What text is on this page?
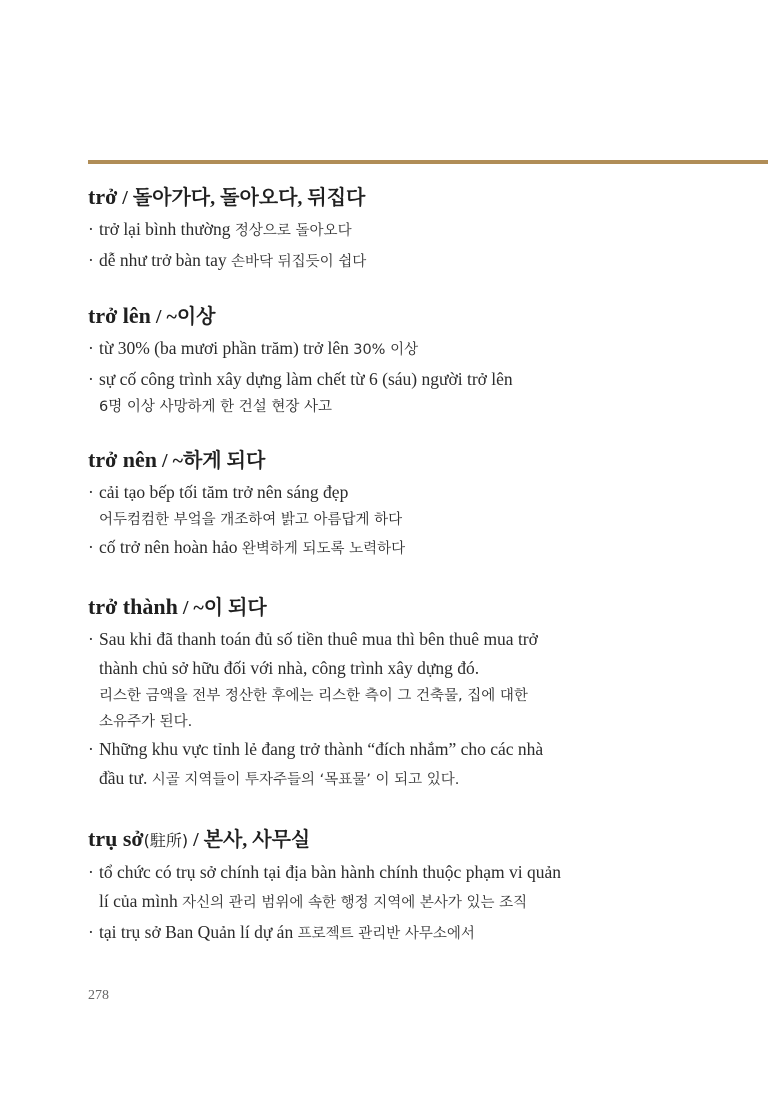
trở / 돌아가다, 돌아오다, 뒤집다
· trở lại bình thường 정상으로 돌아오다
· dễ như trở bàn tay 손바닥 뒤집듯이 쉽다
trở lên / ~이상
· từ 30% (ba mươi phần trăm) trở lên 30% 이상
· sự cố công trình xây dựng làm chết từ 6 (sáu) người trở lên
6명 이상 사망하게 한 건설 현장 사고
trở nên / ~하게 되다
· cải tạo bếp tối tăm trở nên sáng đẹp
어두컴컴한 부엌을 개조하여 밝고 아름답게 하다
· cố trở nên hoàn hảo 완벽하게 되도록 노력하다
trở thành / ~이 되다
· Sau khi đã thanh toán đủ số tiền thuê mua thì bên thuê mua trở
thành chủ sở hữu đối với nhà, công trình xây dựng đó.
리스한 금액을 전부 정산한 후에는 리스한 측이 그 건축물, 집에 대한
소유주가 된다.
· Những khu vực tỉnh lẻ đang trở thành “đích nhắm” cho các nhà
đầu tư. 시골 지역들이 투자주들의 ‘목표물’ 이 되고 있다.
trụ sở(駐所) / 본사, 사무실
· tổ chức có trụ sở chính tại địa bàn hành chính thuộc phạm vi quản
lí của mình 자신의 관리 범위에 속한 행정 지역에 본사가 있는 조직
· tại trụ sở Ban Quản lí dự án 프로젝트 관리반 사무소에서
278
